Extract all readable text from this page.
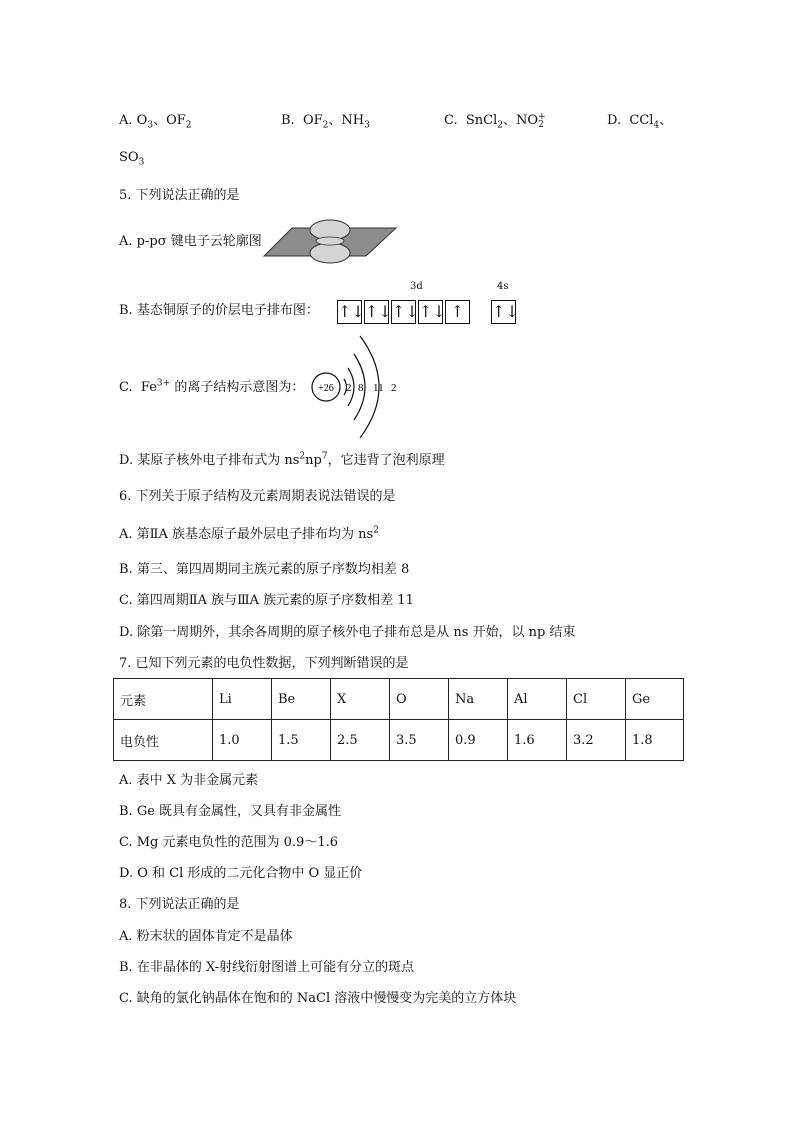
A. $O_3$、$OF_2$	B. $OF_2$、$NH_3$	C. SnCl$_2$、NO +
2	D. CCl$_4$、
$SO_3$
5. 下列说法正确的是
A. p-pσ 键电子云轮廓图
3d	4s
B. 基态铜原子的价层电子排布图： ↑↓ ↑↓ ↑↓ ↑↓ ↑	↑↓
C. $Fe^{3+}$ 的离子结构示意图为： +26 2 8 11 2
D. 某原子核外电子排布式为 $ns^2np^7$，它违背了泡利原理
6. 下列关于原子结构及元素周期表说法错误的是
A. 第ⅡA 族基态原子最外层电子排布均为 $ns^2$
B. 第三、第四周期同主族元素的原子序数均相差 8
C. 第四周期ⅡA 族与ⅢA 族元素的原子序数相差 11
D. 除第一周期外，其余各周期的原子核外电子排布总是从 ns 开始，以 np 结束
7. 已知下列元素的电负性数据，下列判断错误的是
元素	Li	Be	X	O	Na	Al	Cl	Ge
电负性	1.0	1.5	2.5	3.5	0.9	1.6	3.2	1.8
A. 表中 X 为非金属元素
B. Ge 既具有金属性，又具有非金属性
C. Mg 元素电负性的范围为 0.9～1.6
D. O 和 Cl 形成的二元化合物中 O 显正价
8. 下列说法正确的是
A. 粉末状的固体肯定不是晶体
B. 在非晶体的 X-射线衍射图谱上可能有分立的斑点
C. 缺角的氯化钠晶体在饱和的 NaCl 溶液中慢慢变为完美的立方体块
